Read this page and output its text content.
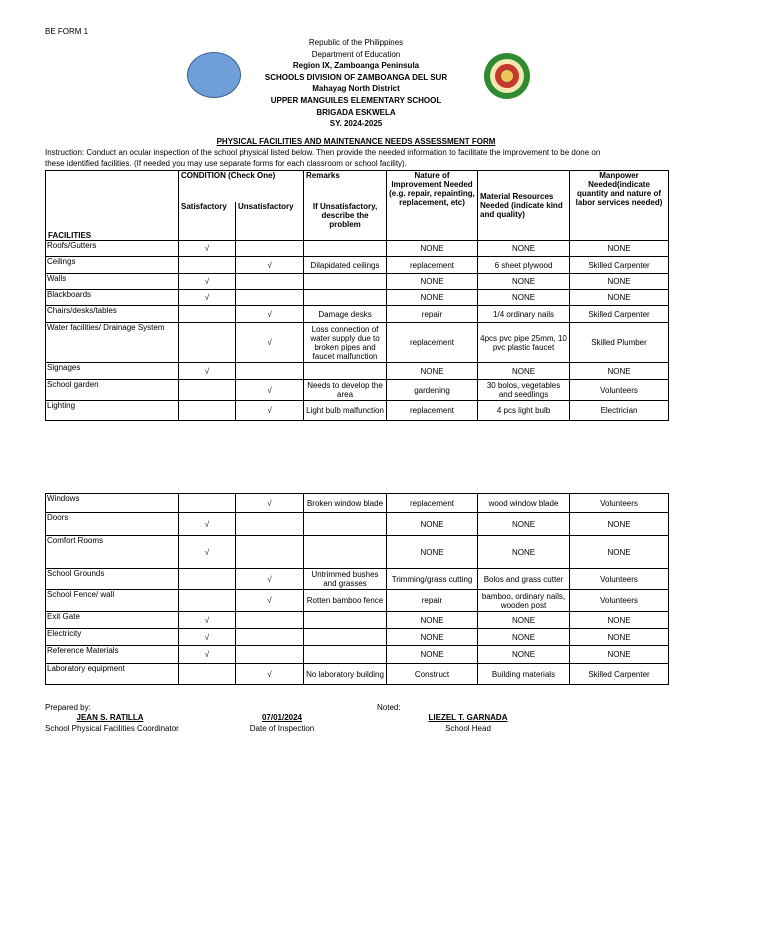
BE FORM 1
Republic of the Philippines
Department of Education
Region IX, Zamboanga Peninsula
SCHOOLS DIVISION OF ZAMBOANGA DEL SUR
Mahayag North District
UPPER MANGUILES ELEMENTARY SCHOOL
BRIGADA ESKWELA
SY. 2024-2025
PHYSICAL FACILITIES AND MAINTENANCE NEEDS ASSESSMENT FORM
Instruction: Conduct an ocular inspection of the school physical listed below. Then provide the needed information to facilitate the improvement to be done on these identified facilities. (If needed you may use separate forms for each classroom or school facility).
FACILITIES	CONDITION (Check One)		Remarks	Nature of Improvement Needed (e.g. repair, repainting, replacement, etc)	Material Resources Needed (indicate kind and quality)	Manpower Needed(indicate quantity and nature of labor services needed)
	Satisfactory	Unsatisfactory	If Unsatisfactory, describe the problem			
Roofs/Gutters	√			NONE	NONE	NONE
Ceilings		√	Dilapidated ceilings	replacement	6 sheet plywood	Skilled Carpenter
Walls	√			NONE	NONE	NONE
Blackboards	√			NONE	NONE	NONE
Chairs/desks/tables		√	Damage desks	repair	1/4 ordinary nails	Skilled Carpenter
Water facilities/ Drainage System		√	Loss connection of water supply due to broken pipes and faucet malfunction	replacement	4pcs pvc pipe 25mm, 10 pvc plastic faucet	Skilled Plumber
Signages	√			NONE	NONE	NONE
School garden		√	Needs to develop the area	gardening	30 bolos, vegetables and seedlings	Volunteers
Lighting		√	Light bulb malfunction	replacement	4 pcs light bulb	Electrician
Windows		√	Broken window blade	replacement	wood window blade	Volunteers
Doors	√			NONE	NONE	NONE
Comfort Rooms	√			NONE	NONE	NONE
School Grounds		√	Untrimmed bushes and grasses	Trimming/grass cutting	Bolos and grass cutter	Volunteers
School Fence/ wall		√	Rotten bamboo fence	repair	bamboo, ordinary nails, wooden post	Volunteers
Exit Gate	√			NONE	NONE	NONE
Electricity	√			NONE	NONE	NONE
Reference Materials	√			NONE	NONE	NONE
Laboratory equipment		√	No laboratory building	Construct	Building materials	Skilled Carpenter
Prepared by:
JEAN S. RATILLA
School Physical Facilities Coordinator
07/01/2024
Date of Inspection
Noted:
LIEZEL T. GARNADA
School Head
